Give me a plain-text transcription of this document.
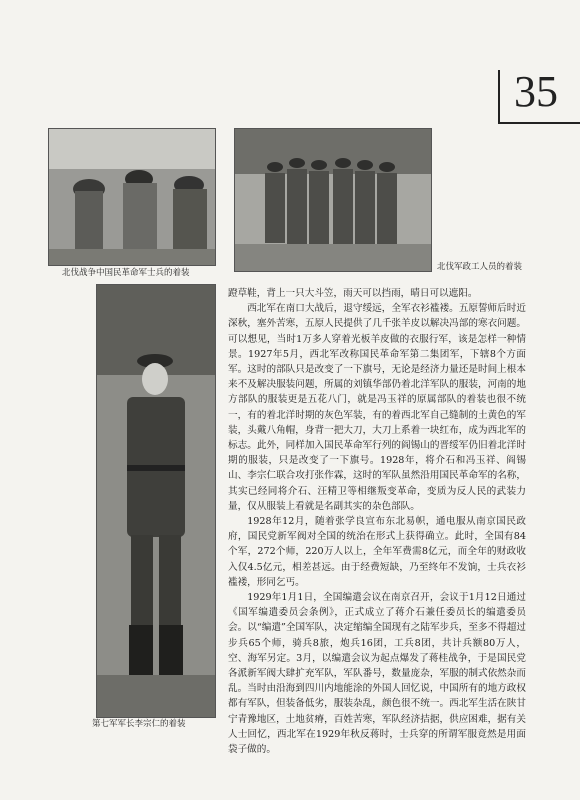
35
北伐战争中国民革命军士兵的着装
北伐军政工人员的着装
第七军军长李宗仁的着装

蹬草鞋，背上一只大斗笠，雨天可以挡雨，晴日可以遮阳。

西北军在南口大战后，退守绥远，全军衣衫褴褛。五原誓师后时近深秋，塞外苦寒，五原人民提供了几千张羊皮以解决冯部的寒衣问题。可以想见，当时1万多人穿着光板羊皮做的衣服行军，该是怎样一种情景。1927年5月，西北军改称国民革命军第二集团军，下辖8个方面军。这时的部队只是改变了一下旗号，无论是经济力量还是时间上根本来不及解决服装问题，所属的刘镇华部仍着北洋军队的服装，河南的地方部队的服装更是五花八门，就是冯玉祥的原属部队的着装也很不统一，有的着北洋时期的灰色军装，有的着西北军自己缝制的土黄色的军装，头戴八角帽，身背一把大刀，大刀上系着一块红布，成为西北军的标志。此外，同样加入国民革命军行列的阎锡山的晋绥军仍旧着北洋时期的服装，只是改变了一下旗号。1928年，将介石和冯玉祥、阎锡山、李宗仁联合攻打张作霖，这时的军队虽然沿用国民革命军的名称，其实已经同将介石、汪精卫等相继叛变革命，变质为反人民的武装力量，仅从服装上看就是名副其实的杂色部队。

1928年12月，随着张学良宣布东北易帜，通电服从南京国民政府，国民党新军阀对全国的统治在形式上获得确立。此时，全国有84个军，272个师，220万人以上，全年军费需8亿元，而全年的财政收入仅4.5亿元，相差甚远。由于经费短缺，乃至终年不发饷，士兵衣衫褴褛，形同乞丐。

1929年1月1日，全国编遣会议在南京召开，会议于1月12日通过《国军编遣委员会条例》，正式成立了蒋介石兼任委员长的编遣委员会。以“编遣”全国军队，决定缩编全国现有之陆军步兵，至多不得超过步兵65个师，骑兵8旅，炮兵16团，工兵8团，共计兵额80万人，空、海军另定。3月，以编遣会议为起点爆发了蒋桂战争，于是国民党各派新军阀大肆扩充军队，军队番号，数量庞杂，军服的制式依然杂而乱。当时由沿海到四川内地能涂的外国人回忆说，中国所有的地方政权都有军队，但装备低劣，服装杂乱，颜色很不统一。西北军生活在陕甘宁青豫地区，土地贫瘠，百姓苦寒，军队经济拮据，供应困难，据有关人士回忆，西北军在1929年秋反蒋时，士兵穿的所谓军服竟然是用面袋子做的。
